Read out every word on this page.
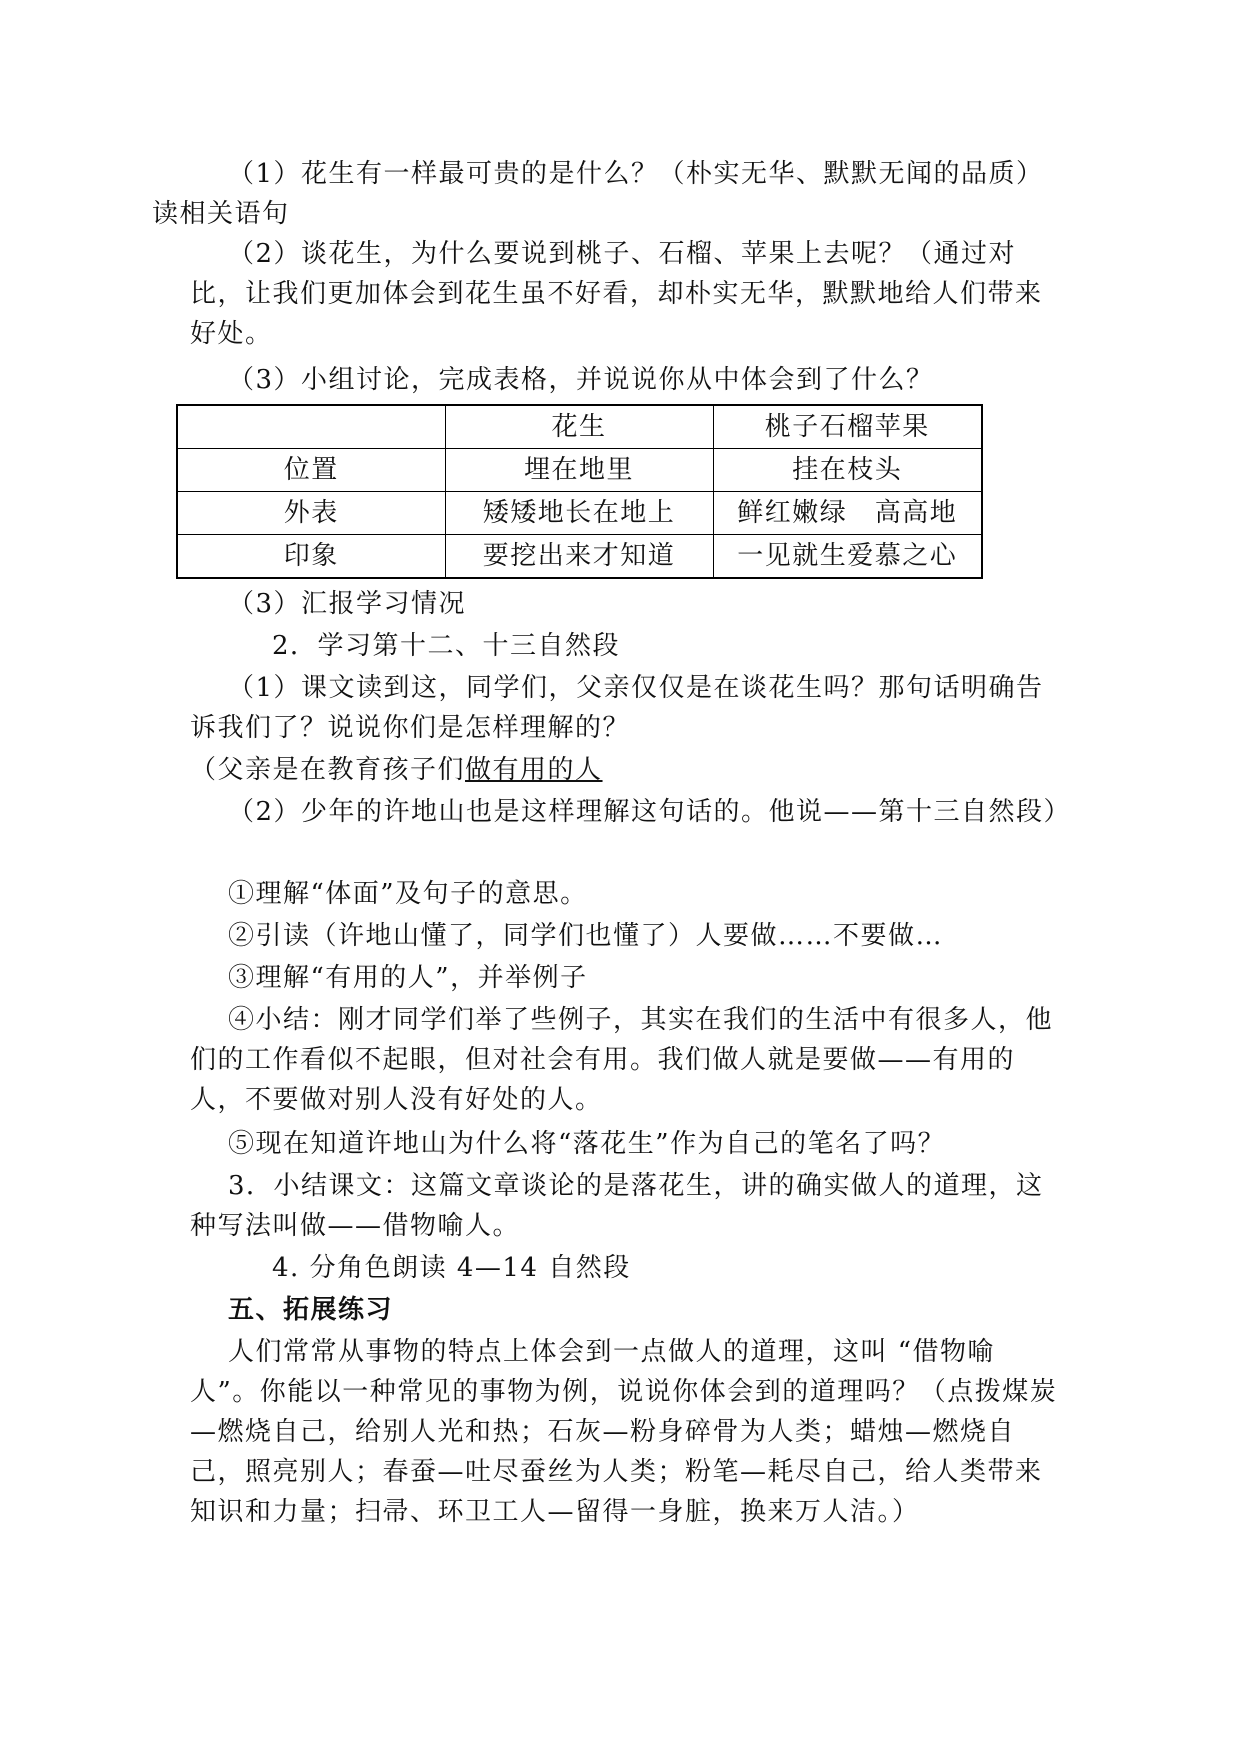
（1）花生有一样最可贵的是什么？（朴实无华、默默无闻的品质）
读相关语句

（2）谈花生，为什么要说到桃子、石榴、苹果上去呢？（通过对比，让我们更加体会到花生虽不好看，却朴实无华，默默地给人们带来好处。

（3）小组讨论，完成表格，并说说你从中体会到了什么？

	花生	桃子石榴苹果
位置	埋在地里	挂在枝头
外表	矮矮地长在地上	鲜红嫩绿　高高地
印象	要挖出来才知道	一见就生爱慕之心

（3）汇报学习情况

2．学习第十二、十三自然段

（1）课文读到这，同学们，父亲仅仅是在谈花生吗？那句话明确告诉我们了？说说你们是怎样理解的？

（父亲是在教育孩子们做有用的人

（2）少年的许地山也是这样理解这句话的。他说——第十三自然段）

①理解“体面”及句子的意思。

②引读（许地山懂了，同学们也懂了）人要做……不要做…

③理解“有用的人”，并举例子

④小结：刚才同学们举了些例子，其实在我们的生活中有很多人，他们的工作看似不起眼，但对社会有用。我们做人就是要做——有用的人，不要做对别人没有好处的人。

⑤现在知道许地山为什么将“落花生”作为自己的笔名了吗？

3．小结课文：这篇文章谈论的是落花生，讲的确实做人的道理，这种写法叫做——借物喻人。

4. 分角色朗读 4—14 自然段

五、拓展练习

人们常常从事物的特点上体会到一点做人的道理，这叫 “借物喻人”。你能以一种常见的事物为例，说说你体会到的道理吗？（点拨煤炭—燃烧自己，给别人光和热；石灰—粉身碎骨为人类；蜡烛—燃烧自己，照亮别人；春蚕—吐尽蚕丝为人类；粉笔—耗尽自己，给人类带来知识和力量；扫帚、环卫工人—留得一身脏，换来万人洁。）
